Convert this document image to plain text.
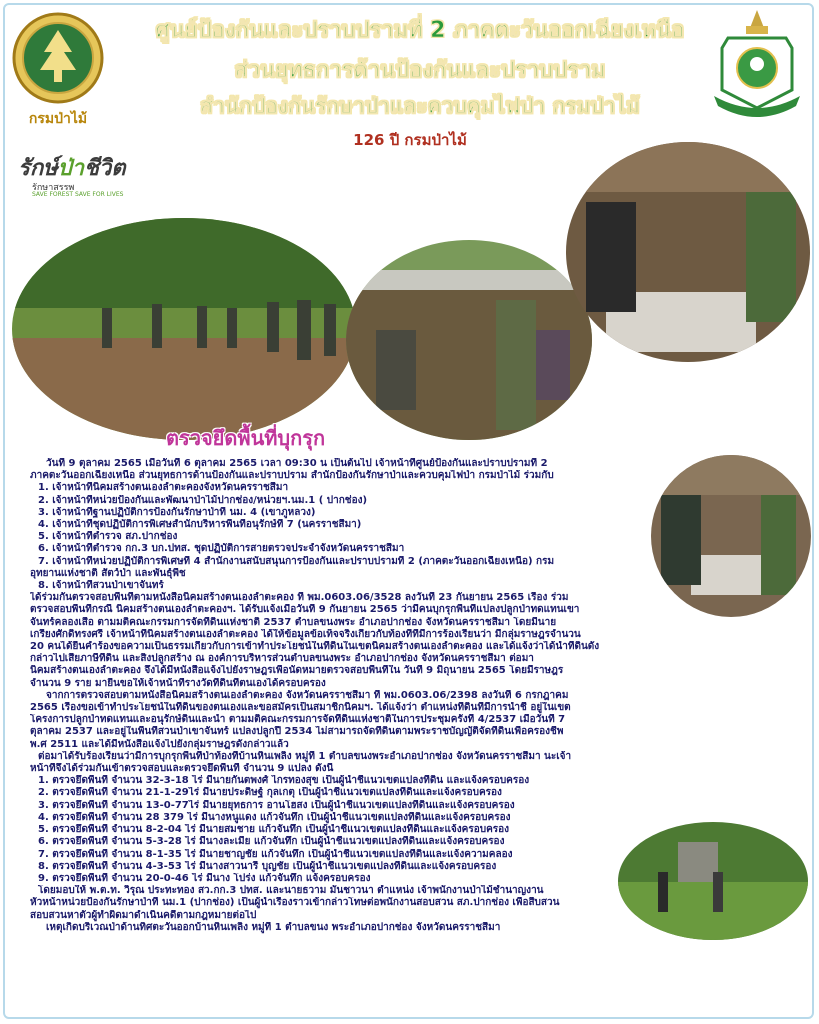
กรมป่าไม้
ศูนย์ป้องกันและปราบปรามที่ 2 ภาคตะวันออกเฉียงเหนือ
ส่วนยุทธการด้านป้องกันและปราบปราม
สำนักป้องกันรักษาป่าและควบคุมไฟป่า กรมป่าไม้
126 ปี กรมป่าไม้
รักษ์ป่าชีวิต
รักษาสรรพ
SAVE FOREST SAVE FOR LIVES
ตรวจยึดพื้นที่บุกรุก

วันที่ 9 ตุลาคม 2565 เมื่อวันที่ 6 ตุลาคม 2565 เวลา 09:30 น เป็นต้นไป เจ้าหน้าที่ศูนย์ป้องกันและปราบปรามที่ 2

ภาคตะวันออกเฉียงเหนือ ส่วนยุทธการด้านป้องกันและปราบปราม สำนักป้องกันรักษาป่าและควบคุมไฟป่า กรมป่าไม้ ร่วมกับ

1. เจ้าหน้าที่นิคมสร้างตนเองลำตะคองจังหวัดนครราชสีมา

2. เจ้าหน้าที่หน่วยป้องกันและพัฒนาป่าไม้ปากช่อง/หน่วยฯ.นม.1 ( ปากช่อง)

3. เจ้าหน้าที่ฐานปฏิบัติการป้องกันรักษาป่าที่ นม. 4 (เขาภูหลวง)

4. เจ้าหน้าที่ชุดปฏิบัติการพิเศษสำนักบริหารพื้นที่อนุรักษ์ที่ 7 (นครราชสีมา)

5. เจ้าหน้าที่ตำรวจ สภ.ปากช่อง

6. เจ้าหน้าที่ตำรวจ กก.3 บก.ปทส. ชุดปฏิบัติการสายตรวจประจำจังหวัดนครราชสีมา

7. เจ้าหน้าที่หน่วยปฏิบัติการพิเศษที่ 4 สำนักงานสนับสนุนการป้องกันและปราบปรามที่ 2 (ภาคตะวันออกเฉียงเหนือ) กรม

อุทยานแห่งชาติ สัตว์ป่า และพันธุ์พืช

8. เจ้าหน้าที่สวนป่าเขาจันทร์

ได้ร่วมกันตรวจสอบพื้นที่ตามหนังสือนิคมสร้างตนเองลำตะคอง ที่ พม.0603.06/3528 ลงวันที่ 23 กันยายน 2565 เรื่อง ร่วม

ตรวจสอบพื้นที่กรณี นิคมสร้างตนเองลำตะคองฯ. ได้รับแจ้งเมื่อวันที่ 9 กันยายน 2565 ว่ามีคนบุกรุกพื้นที่แปลงปลูกป่าทดแทนเขา

จันทร์คลองเสือ ตามมติคณะกรรมการจัดที่ดินแห่งชาติ 2537 ตำบลขนงพระ อำเภอปากช่อง จังหวัดนครราชสีมา โดยมีนาย

เกรียงศักดิ์ทรงศรี เจ้าหน้าที่นิคมสร้างตนเองลำตะคอง ได้ให้ข้อมูลข้อเท็จจริงเกี่ยวกับท้องที่ที่มีการร้องเรียนว่า มีกลุ่มราษฎรจำนวน

20 คนได้ยื่นคำร้องขอความเป็นธรรมเกี่ยวกับการเข้าทำประโยชน์ในที่ดินในเขตนิคมสร้างตนเองลำตะคอง และได้แจ้งว่าได้นำที่ดินดัง

กล่าวไปเสียภาษีที่ดิน และสิ่งปลูกสร้าง ณ องค์การบริหารส่วนตำบลขนงพระ อำเภอปากช่อง จังหวัดนครราชสีมา ต่อมา

นิคมสร้างตนเองลำตะคอง จึงได้มีหนังสือแจ้งไปยังราษฎรเพื่อนัดหมายตรวจสอบพื้นที่ใน วันที่ 9 มิถุนายน 2565 โดยมีราษฎร

จำนวน 9 ราย มายื่นขอให้เจ้าหน้าที่รางวัดที่ดินที่ตนเองได้ครอบครอง

จากการตรวจสอบตามหนังสือนิคมสร้างตนเองลำตะคอง จังหวัดนครราชสีมา ที่ พม.0603.06/2398 ลงวันที่ 6 กรกฎาคม

2565 เรื่องขอเข้าทำประโยชน์ในที่ดินของตนเองและขอสมัครเป็นสมาชิกนิคมฯ. ได้แจ้งว่า ตำแหน่งที่ดินที่มีการนำชี้ อยู่ในเขต

โครงการปลูกป่าทดแทนและอนุรักษ์ดินและน้ำ ตามมติคณะกรรมการจัดที่ดินแห่งชาติในการประชุมครั้งที่ 4/2537 เมื่อวันที่ 7

ตุลาคม 2537 และอยู่ในพื้นที่สวนป่าเขาจันทร์ แปลงปลูกปี 2534 ไม่สามารถจัดที่ดินตามพระราชบัญญัติจัดที่ดินเพื่อครองชีพ

พ.ศ 2511 และได้มีหนังสือแจ้งไปยังกลุ่มราษฎรดังกล่าวแล้ว

ต่อมาได้รับร้องเรียนว่ามีการบุกรุกพื้นที่ป่าท้องที่บ้านหินเพลิง หมู่ที่ 1 ตำบลขนงพระอำเภอปากช่อง จังหวัดนครราชสีมา นะเจ้า

หน้าที่จึงได้ร่วมกันเข้าตรวจสอบและตรวจยึดพื้นที่ จำนวน 9 แปลง ดังนี้

1. ตรวจยึดพื้นที่ จำนวน 32-3-18 ไร่ มีนายกันตพงศ์ ไกรทองสุข เป็นผู้นำชี้แนวเขตแปลงที่ดิน และแจ้งครอบครอง

2. ตรวจยึดพื้นที่ จำนวน 21-1-29ไร่ มีนายประดิษฐ์ กุลเกตุ เป็นผู้นำชี้แนวเขตแปลงที่ดินและแจ้งครอบครอง

3. ตรวจยึดพื้นที่ จำนวน 13-0-77ไร่ มีนายยุทธการ อานโฮสง เป็นผู้นำชี้แนวเขตแปลงที่ดินและแจ้งครอบครอง

4. ตรวจยึดพื้นที่ จำนวน 28 379 ไร่ มีนางหนูแดง แก้วจันทึก เป็นผู้นำชี้แนวเขตแปลงที่ดินและแจ้งครอบครอง

5. ตรวจยึดพื้นที่ จำนวน 8-2-04 ไร่ มีนายสมชาย แก้วจันทึก เป็นผู้นำชี้แนวเขตแปลงที่ดินและแจ้งครอบครอง

6. ตรวจยึดพื้นที่ จำนวน 5-3-28 ไร่ มีนางละเมีย แก้วจันทึก เป็นผู้นำชี้แนวเขตแปลงที่ดินและแจ้งครอบครอง

7. ตรวจยึดพื้นที่ จำนวน 8-1-35 ไร่ มีนายชาญชัย แก้วจันทึก เป็นผู้นำชี้แนวเขตแปลงที่ดินและแจ้งความคลอง

8. ตรวจยึดพื้นที่ จำนวน 4-3-53 ไร่ มีนางสาวนารี บุญชัย เป็นผู้นำชี้แนวเขตแปลงที่ดินและแจ้งครอบครอง

9. ตรวจยึดพื้นที่ จำนวน 20-0-46 ไร่ มีนาง โปร่ง แก้วจันทึก แจ้งครอบครอง

โดยมอบให้ พ.ต.ท. วิรุณ ประทะทอง สว.กก.3 ปทส. และนายธวาม มั่นชาวนา ตำแหน่ง เจ้าพนักงานป่าไม้ชำนาญงาน

หัวหน้าหน่วยป้องกันรักษาป่าที่ นม.1 (ปากช่อง) เป็นผู้นำเรื่องราวเข้ากล่าวโทษต่อพนักงานสอบสวน สภ.ปากช่อง เพื่อสืบสวน

สอบสวนหาตัวผู้ทำผิดมาดำเนินคดีตามกฎหมายต่อไป

เหตุเกิดบริเวณป่าด้านทิศตะวันออกบ้านหินเพลิง หมู่ที่ 1 ตำบลขนง พระอำเภอปากช่อง จังหวัดนครราชสีมา
